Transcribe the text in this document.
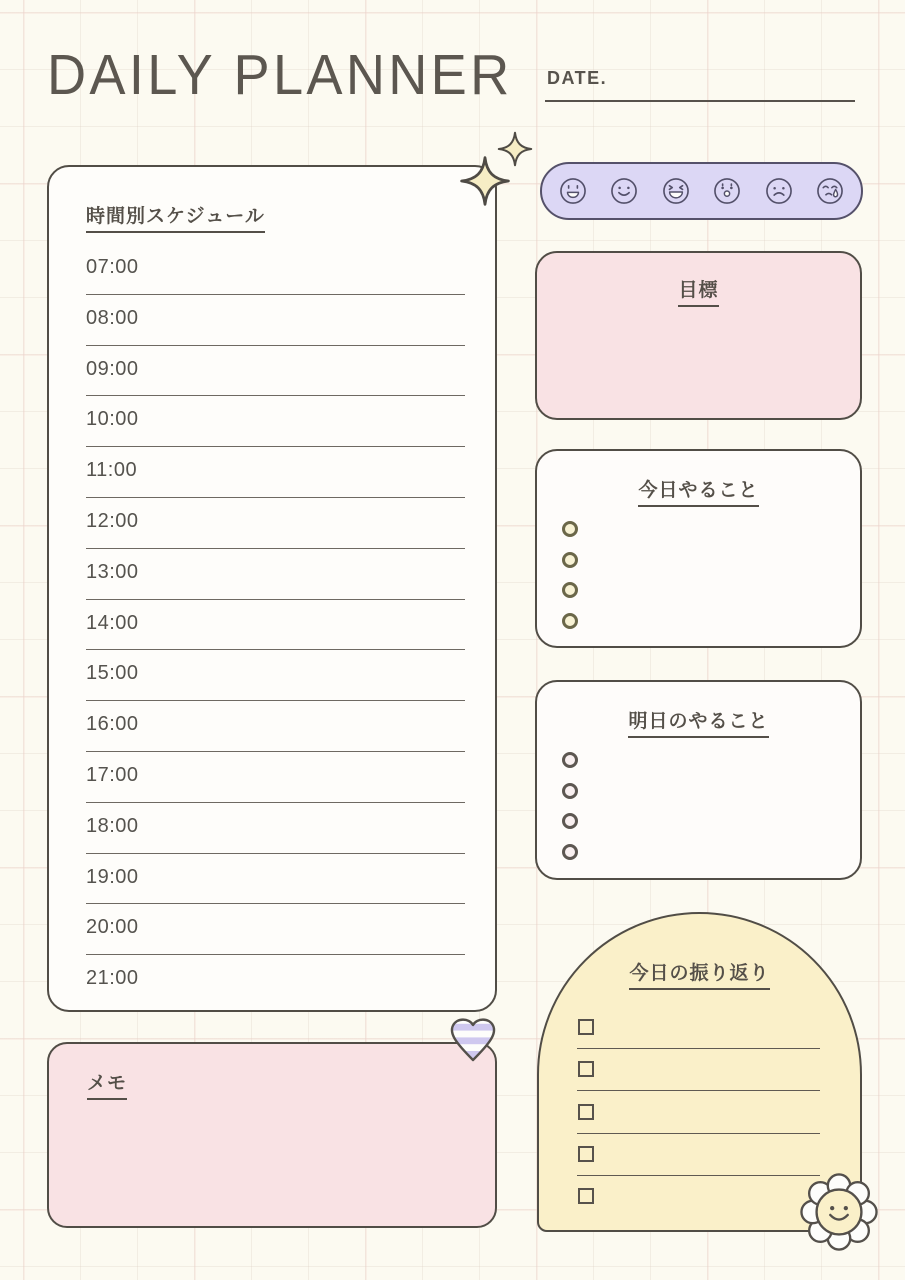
DAILY PLANNER DATE.
時間別スケジュール
07:00
08:00
09:00
10:00
11:00
12:00
13:00
14:00
15:00
16:00
17:00
18:00
19:00
20:00
21:00
目標
今日やること
明日のやること
今日の振り返り
メモ
